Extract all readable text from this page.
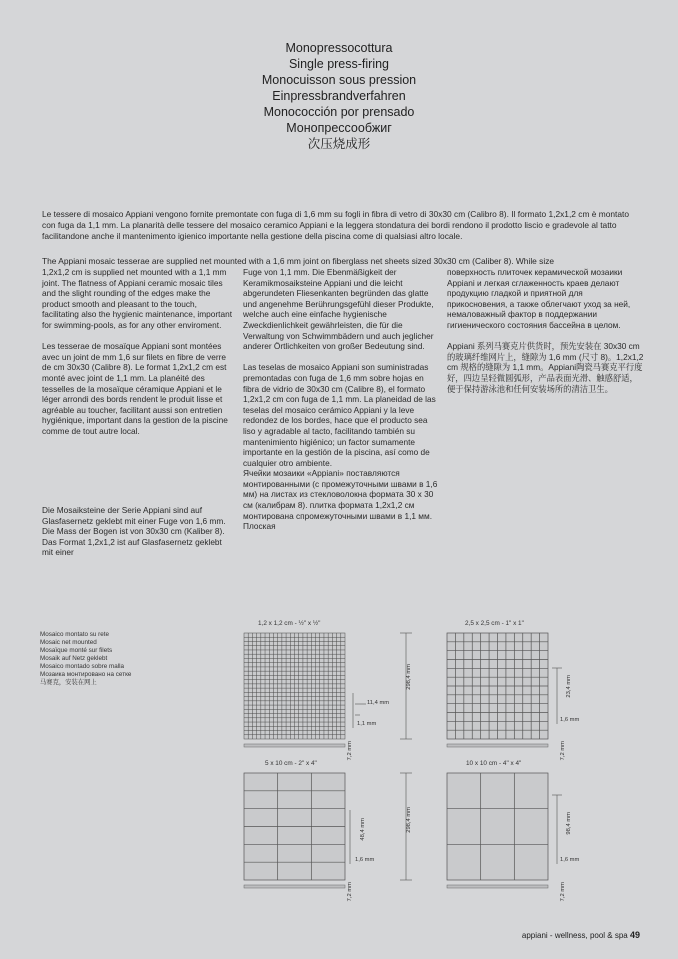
Monopressocottura
Single press-firing
Monocuisson sous pression
Einpressbrandverfahren
Monococción por prensado
Монопрессообжиг
次压烧成形
Le tessere di mosaico Appiani vengono fornite premontate con fuga di 1,6 mm su fogli in fibra di vetro di 30x30 cm (Calibro 8). Il formato 1,2x1,2 cm è montato con fuga da 1,1 mm. La planarità delle tessere del mosaico ceramico Appiani e la leggera stondatura dei bordi rendono il prodotto liscio e gradevole al tatto facilitandone anche il mantenimento igienico importante nella gestione della piscina come di qualsiasi altro locale.
The Appiani mosaic tesserae are supplied net mounted with a 1,6 mm joint on fiberglass net sheets sized 30x30 cm (Caliber 8). While size

1,2x1,2 cm is supplied net mounted with a 1,1 mm joint. The flatness of Appiani ceramic mosaic tiles and the slight rounding of the edges make the product smooth and pleasant to the touch, facilitating also the hygienic maintenance, important for swimming-pools, as for any other enviroment.

Les tesserae de mosaïque Appiani sont montées avec un joint de mm 1,6 sur filets en fibre de verre de cm 30x30 (Calibre 8). Le format 1,2x1,2 cm est monté avec joint de 1,1 mm. La planéité des tesselles de la mosaïque céramique Appiani et le léger arrondi des bords rendent le produit lisse et agréable au toucher, facilitant aussi son entretien hygiénique, important dans la gestion de la piscine comme de tout autre local.

Die Mosaiksteine der Serie Appiani sind auf Glasfasernetz geklebt mit einer Fuge von 1,6 mm. Die Mass der Bogen ist von 30x30 cm (Kaliber 8). Das Format 1,2x1,2 ist auf Glasfasernetz geklebt mit einer

Fuge von 1,1 mm. Die Ebenmäßigkeit der Keramikmosaiksteine Appiani und die leicht abgerundeten Fliesenkanten begründen das glatte und angenehme Berührungsgefühl dieser Produkte, welche auch eine einfache hygienische Zweckdienlichkeit gewährleisten, die für die Verwaltung von Schwimmbädern und auch jeglicher anderer Örtlichkeiten von großer Bedeutung sind.

Las teselas de mosaico Appiani son suministradas premontadas con fuga de 1,6 mm sobre hojas en fibra de vidrio de 30x30 cm (Calibre 8), el formato 1,2x1,2 cm con fuga de 1,1 mm. La planeidad de las teselas del mosaico cerámico Appiani y la leve redondez de los bordes, hace que el producto sea liso y agradable al tacto, facilitando también su mantenimiento higiénico; un factor sumamente importante en la gestión de la piscina, así como de cualquier otro ambiente.

Ячейки мозаики «Appiani» поставляются монтированными (с промежуточными швами в 1,6 мм) на листах из стекловолокна формата 30 x 30 см (калибрам 8). плитка формата 1,2x1,2 см монтирована спромежуточными швами в 1,1 мм. Плоская

поверхность плиточек керамической мозаики Appiani и легкая сглаженность краев делают продукцию гладкой и приятной для прикосновения, а также облегчают уход за ней, немаловажный фактор в поддержании гигиенического состояния бассейна в целом.

Appiani 系列马赛克片供货时，预先安装在 30x30 cm 的玻璃纤维网片上，缝隙为 1,6 mm (尺寸 8)。1,2x1,2 cm 规格的缝隙为 1,1 mm。Appiani陶瓷马赛克平行度好，四边呈轻微圆弧形，产品表面光滑、触感舒适，便于保持游泳池和任何安装场所的清洁卫生。

Mosaico montato su rete
Mosaic net mounted
Mosaïque monté sur filets
Mosaik auf Netz geklebt
Mosaico montado sobre malla
Мозаика монтировано на сетке
马赛克，安装在网上
1,2 x 1,2 cm - ½" x ½"	2,5 x 2,5 cm - 1" x 1"
5 x 10 cm - 2" x 4"	10 x 10 cm - 4" x 4"
298,4 mm
11,4 mm
1,1 mm
7,2 mm
23,4 mm
1,6 mm
7,2 mm
298,4 mm
48,4 mm
1,6 mm
7,2 mm
98,4 mm
1,6 mm
7,2 mm
appiani - wellness, pool & spa 49
